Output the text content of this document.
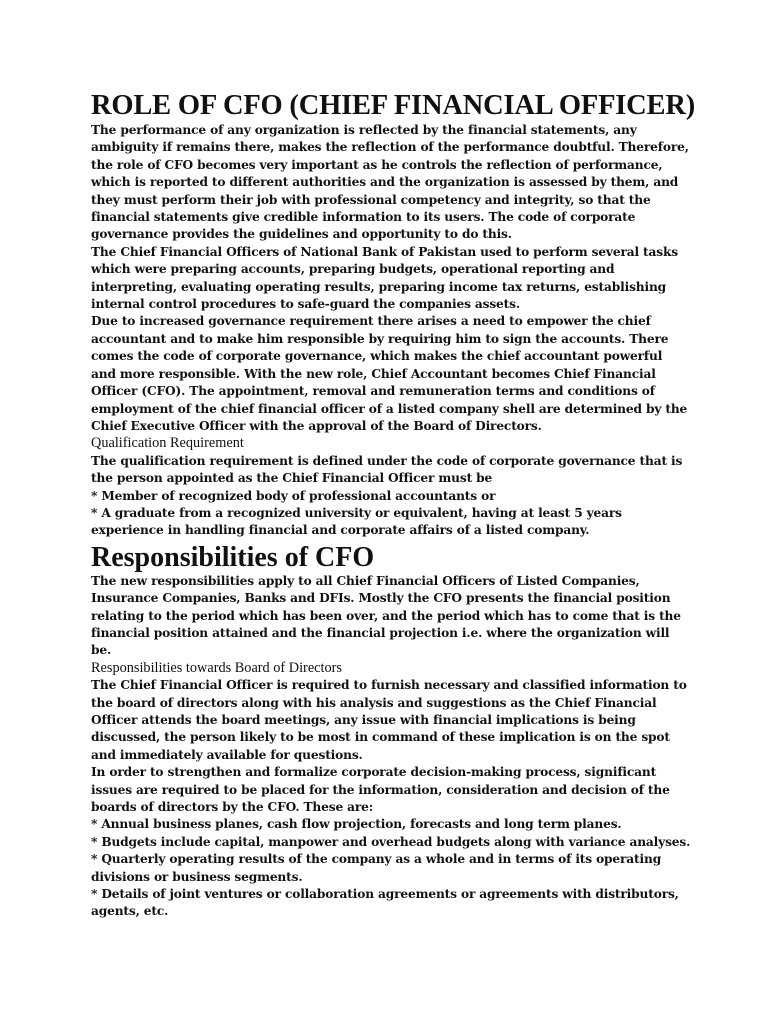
ROLE OF CFO (CHIEF FINANCIAL OFFICER)

The performance of any organization is reflected by the financial statements, any ambiguity if remains there, makes the reflection of the performance doubtful. Therefore, the role of CFO becomes very important as he controls the reflection of performance, which is reported to different authorities and the organization is assessed by them, and they must perform their job with professional competency and integrity, so that the financial statements give credible information to its users. The code of corporate governance provides the guidelines and opportunity to do this.

The Chief Financial Officers of National Bank of Pakistan used to perform several tasks which were preparing accounts, preparing budgets, operational reporting and interpreting, evaluating operating results, preparing income tax returns, establishing internal control procedures to safe-guard the companies assets.

Due to increased governance requirement there arises a need to empower the chief accountant and to make him responsible by requiring him to sign the accounts. There comes the code of corporate governance, which makes the chief accountant powerful and more responsible. With the new role, Chief Accountant becomes Chief Financial Officer (CFO). The appointment, removal and remuneration terms and conditions of employment of the chief financial officer of a listed company shell are determined by the Chief Executive Officer with the approval of the Board of Directors.

Qualification Requirement

The qualification requirement is defined under the code of corporate governance that is the person appointed as the Chief Financial Officer must be

* Member of recognized body of professional accountants or

* A graduate from a recognized university or equivalent, having at least 5 years experience in handling financial and corporate affairs of a listed company.

Responsibilities of CFO

The new responsibilities apply to all Chief Financial Officers of Listed Companies, Insurance Companies, Banks and DFIs. Mostly the CFO presents the financial position relating to the period which has been over, and the period which has to come that is the financial position attained and the financial projection i.e. where the organization will be.

Responsibilities towards Board of Directors

The Chief Financial Officer is required to furnish necessary and classified information to the board of directors along with his analysis and suggestions as the Chief Financial Officer attends the board meetings, any issue with financial implications is being discussed, the person likely to be most in command of these implication is on the spot and immediately available for questions.

In order to strengthen and formalize corporate decision-making process, significant issues are required to be placed for the information, consideration and decision of the boards of directors by the CFO. These are:

* Annual business planes, cash flow projection, forecasts and long term planes.

* Budgets include capital, manpower and overhead budgets along with variance analyses.

* Quarterly operating results of the company as a whole and in terms of its operating divisions or business segments.

* Details of joint ventures or collaboration agreements or agreements with distributors, agents, etc.
